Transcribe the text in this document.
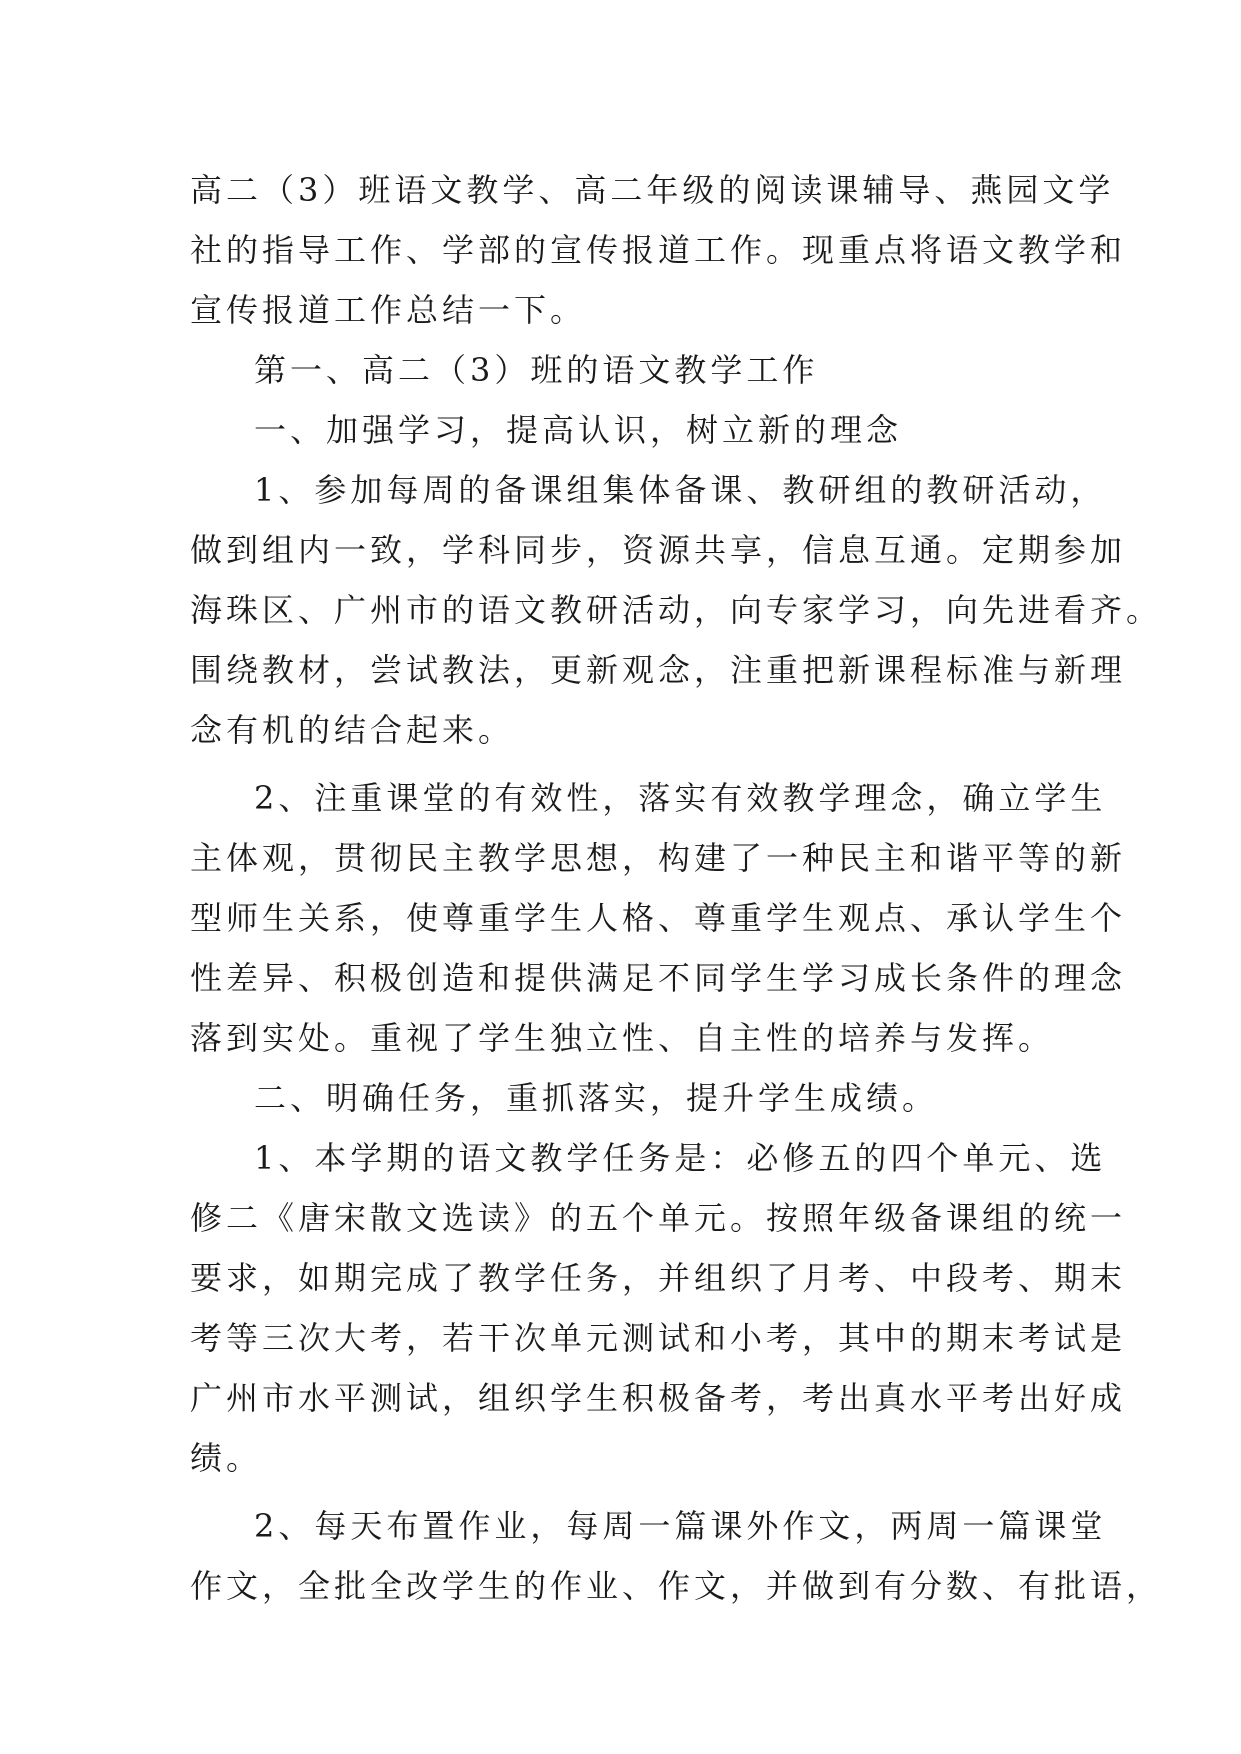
高二（3）班语文教学、高二年级的阅读课辅导、燕园文学
社的指导工作、学部的宣传报道工作。现重点将语文教学和
宣传报道工作总结一下。
第一、高二（3）班的语文教学工作
一、加强学习，提高认识，树立新的理念
1、参加每周的备课组集体备课、教研组的教研活动，
做到组内一致，学科同步，资源共享，信息互通。定期参加
海珠区、广州市的语文教研活动，向专家学习，向先进看齐。
围绕教材，尝试教法，更新观念，注重把新课程标准与新理
念有机的结合起来。
2、注重课堂的有效性，落实有效教学理念，确立学生
主体观，贯彻民主教学思想，构建了一种民主和谐平等的新
型师生关系，使尊重学生人格、尊重学生观点、承认学生个
性差异、积极创造和提供满足不同学生学习成长条件的理念
落到实处。重视了学生独立性、自主性的培养与发挥。
二、明确任务，重抓落实，提升学生成绩。
1、本学期的语文教学任务是：必修五的四个单元、选
修二《唐宋散文选读》的五个单元。按照年级备课组的统一
要求，如期完成了教学任务，并组织了月考、中段考、期末
考等三次大考，若干次单元测试和小考，其中的期末考试是
广州市水平测试，组织学生积极备考，考出真水平考出好成
绩。
2、每天布置作业，每周一篇课外作文，两周一篇课堂
作文，全批全改学生的作业、作文，并做到有分数、有批语，
